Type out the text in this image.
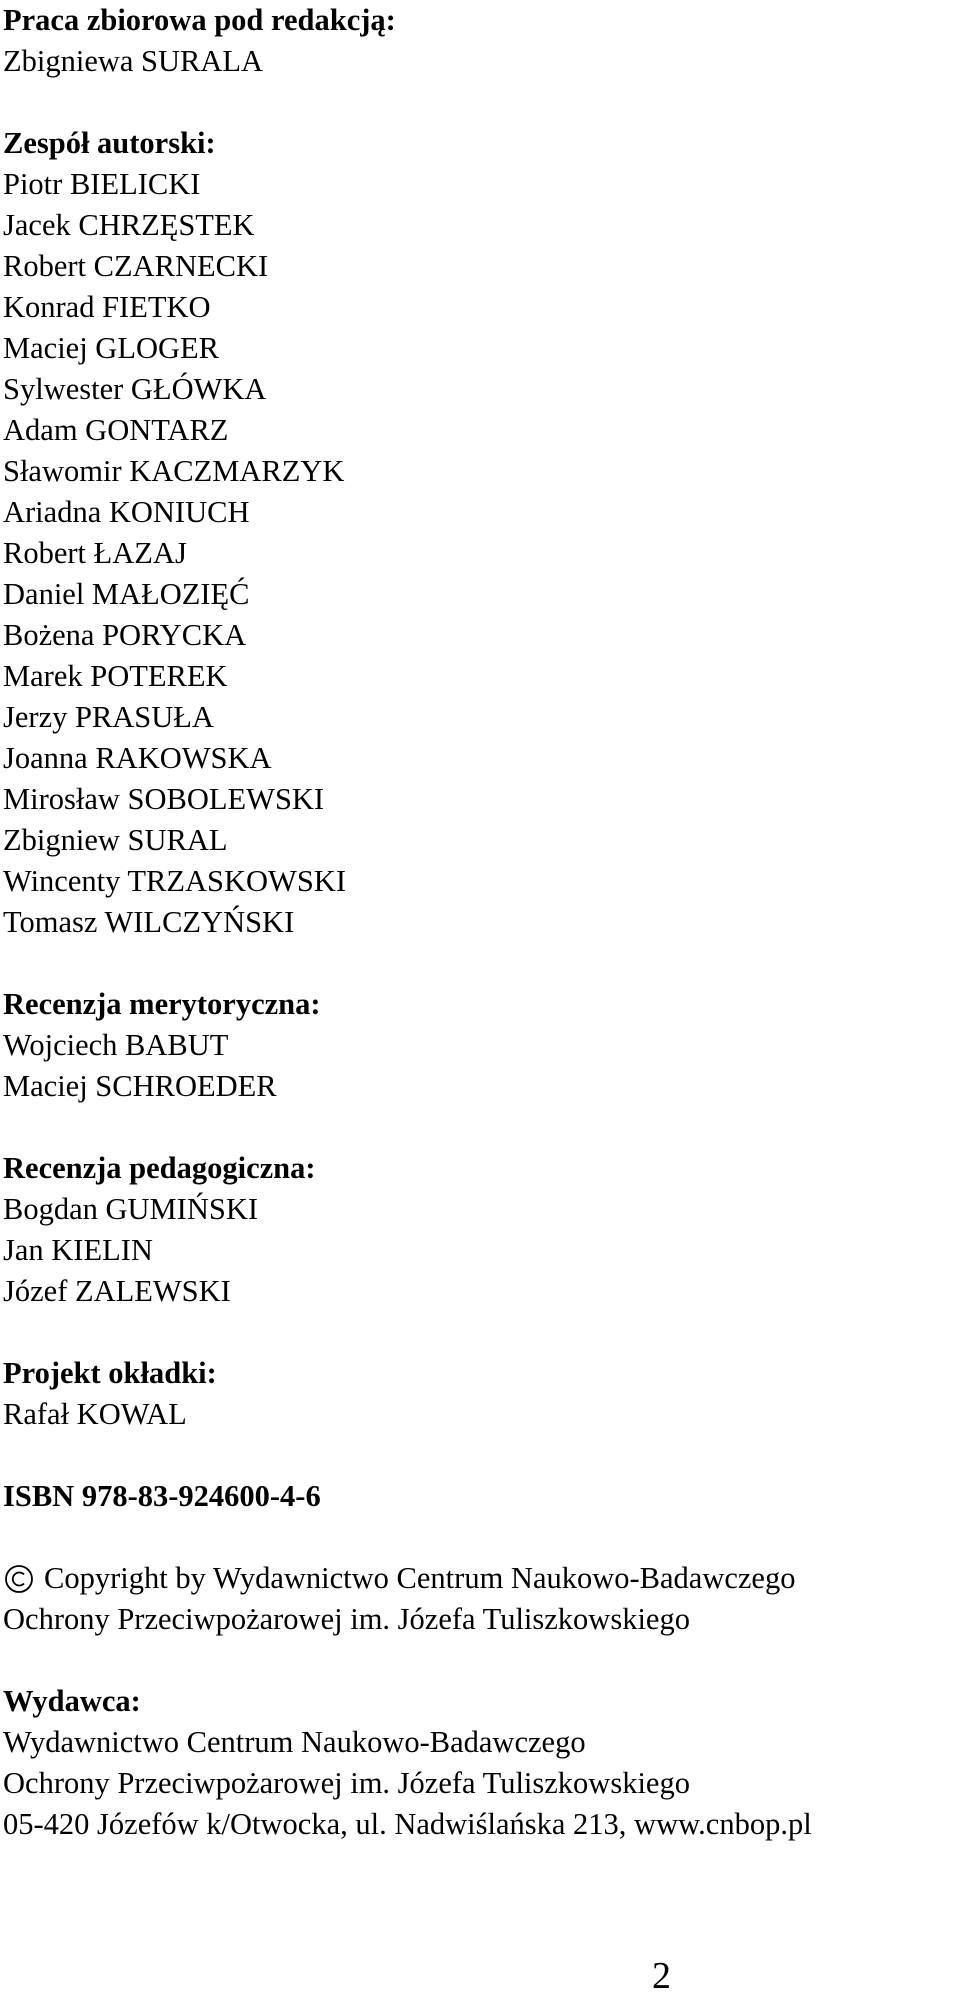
Praca zbiorowa pod redakcją:

Zbigniewa SURALA

Zespół autorski:

Piotr BIELICKI

Jacek CHRZĘSTEK

Robert CZARNECKI

Konrad FIETKO

Maciej GLOGER

Sylwester GŁÓWKA

Adam GONTARZ

Sławomir KACZMARZYK

Ariadna KONIUCH

Robert ŁAZAJ

Daniel MAŁOZIĘĆ

Bożena PORYCKA

Marek POTEREK

Jerzy PRASUŁA

Joanna RAKOWSKA

Mirosław SOBOLEWSKI

Zbigniew SURAL

Wincenty TRZASKOWSKI

Tomasz WILCZYŃSKI

Recenzja merytoryczna:

Wojciech BABUT

Maciej SCHROEDER

Recenzja pedagogiczna:

Bogdan GUMIŃSKI

Jan KIELIN

Józef ZALEWSKI

Projekt okładki:

Rafał KOWAL

ISBN 978-83-924600-4-6

Copyright by Wydawnictwo Centrum Naukowo-Badawczego

Ochrony Przeciwpożarowej im. Józefa Tuliszkowskiego

Wydawca:

Wydawnictwo Centrum Naukowo-Badawczego

Ochrony Przeciwpożarowej im. Józefa Tuliszkowskiego

05-420 Józefów k/Otwocka, ul. Nadwiślańska 213, www.cnbop.pl

2
